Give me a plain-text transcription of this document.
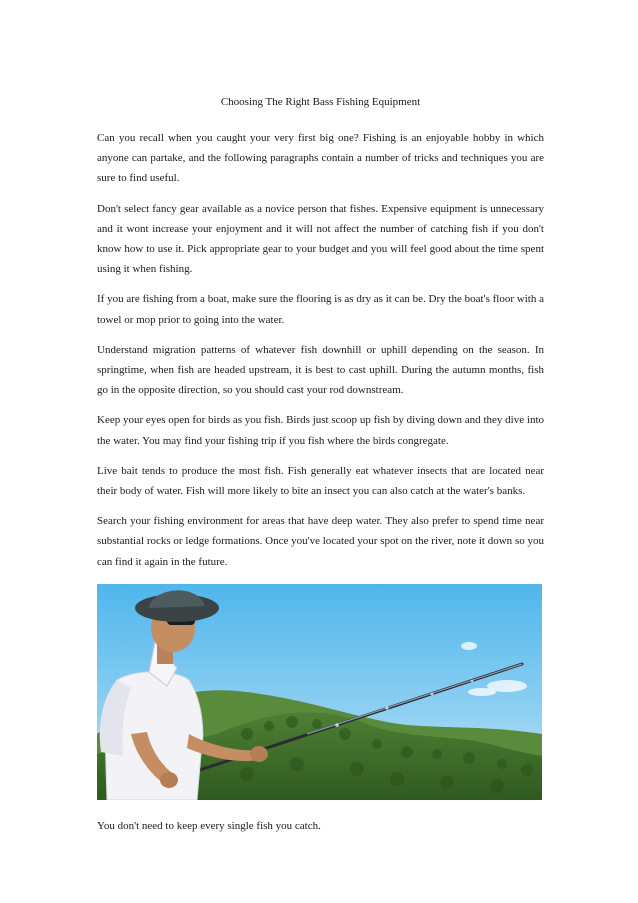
Choosing The Right Bass Fishing Equipment

Can you recall when you caught your very first big one? Fishing is an enjoyable hobby in which anyone can partake, and the following paragraphs contain a number of tricks and techniques you are sure to find useful.

Don't select fancy gear available as a novice person that fishes. Expensive equipment is unnecessary and it wont increase your enjoyment and it will not affect the number of catching fish if you don't know how to use it. Pick appropriate gear to your budget and you will feel good about the time spent using it when fishing.

If you are fishing from a boat, make sure the flooring is as dry as it can be. Dry the boat's floor with a towel or mop prior to going into the water.

Understand migration patterns of whatever fish downhill or uphill depending on the season. In springtime, when fish are headed upstream, it is best to cast uphill. During the autumn months, fish go in the opposite direction, so you should cast your rod downstream.

Keep your eyes open for birds as you fish. Birds just scoop up fish by diving down and they dive into the water. You may find your fishing trip if you fish where the birds congregate.

Live bait tends to produce the most fish. Fish generally eat whatever insects that are located near their body of water. Fish will more likely to bite an insect you can also catch at the water's banks.

Search your fishing environment for areas that have deep water. They also prefer to spend time near substantial rocks or ledge formations. Once you've located your spot on the river, note it down so you can find it again in the future.

You don't need to keep every single fish you catch.
